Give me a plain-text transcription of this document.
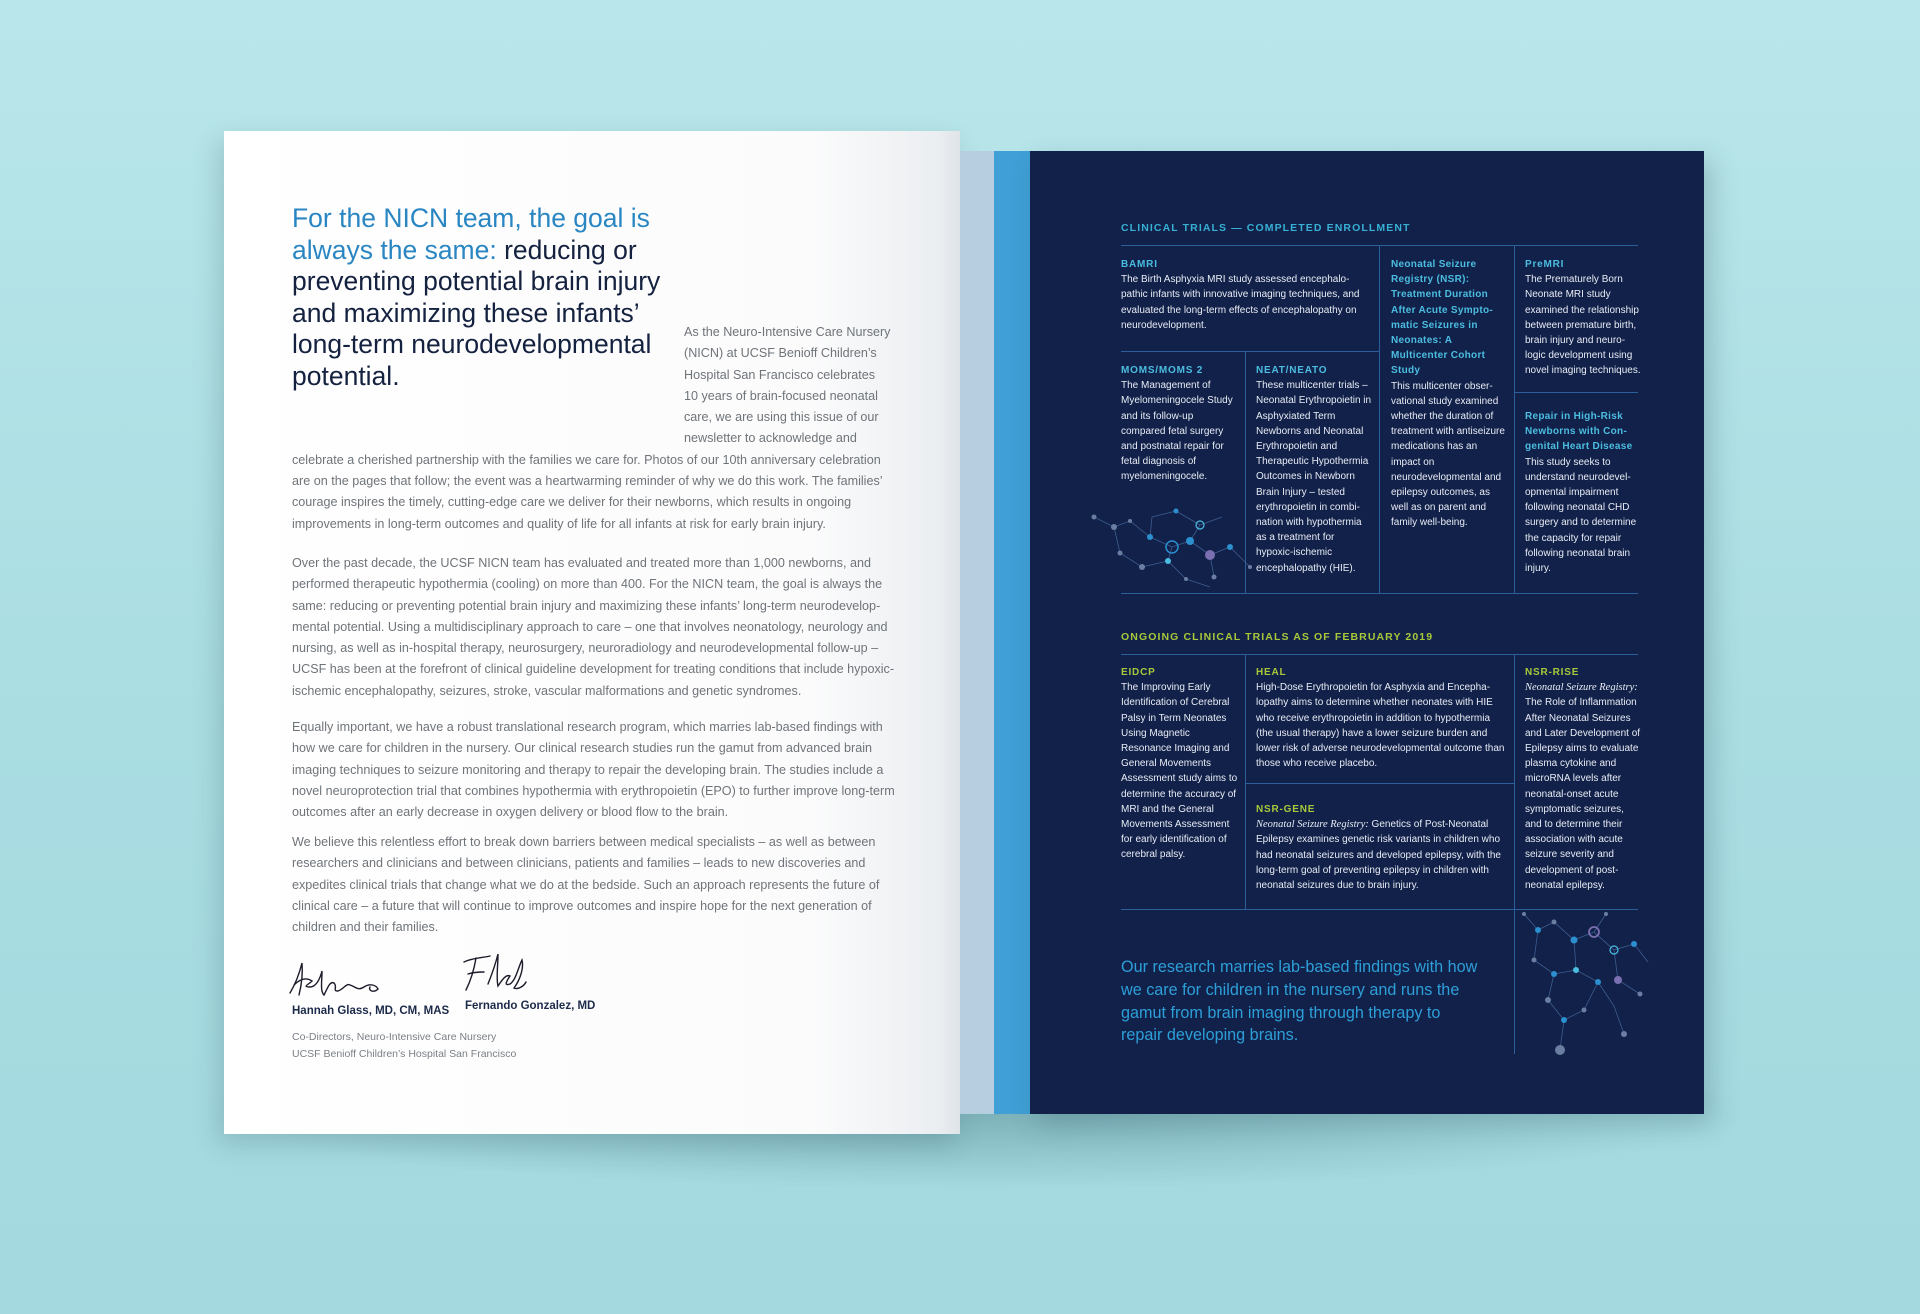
For the NICN team, the goal is always the same: reducing or preventing potential brain injury and maximizing these infants’ long-term neurodevelopmental potential.

As the Neuro-Intensive Care Nursery (NICN) at UCSF Benioff Children’s Hospital San Francisco celebrates 10 years of brain-focused neonatal care, we are using this issue of our newsletter to acknowledge and celebrate a cherished partnership with the families we care for. Photos of our 10th anniversary celebration are on the pages that follow; the event was a heartwarming reminder of why we do this work. The families’ courage inspires the timely, cutting-edge care we deliver for their newborns, which results in ongoing improvements in long-term outcomes and quality of life for all infants at risk for early brain injury.

Over the past decade, the UCSF NICN team has evaluated and treated more than 1,000 newborns, and performed therapeutic hypothermia (cooling) on more than 400. For the NICN team, the goal is always the same: reducing or preventing potential brain injury and maximizing these infants’ long-term neurodevelopmental potential. Using a multidisciplinary approach to care – one that involves neonatology, neurology and nursing, as well as in-hospital therapy, neurosurgery, neuroradiology and neurodevelopmental follow-up – UCSF has been at the forefront of clinical guideline development for treating conditions that include hypoxic-ischemic encephalopathy, seizures, stroke, vascular malformations and genetic syndromes.

Equally important, we have a robust translational research program, which marries lab-based findings with how we care for children in the nursery. Our clinical research studies run the gamut from advanced brain imaging techniques to seizure monitoring and therapy to repair the developing brain. The studies include a novel neuroprotection trial that combines hypothermia with erythropoietin (EPO) to further improve long-term outcomes after an early decrease in oxygen delivery or blood flow to the brain.

We believe this relentless effort to break down barriers between medical specialists – as well as between researchers and clinicians and between clinicians, patients and families – leads to new discoveries and expedites clinical trials that change what we do at the bedside. Such an approach represents the future of clinical care – a future that will continue to improve outcomes and inspire hope for the next generation of children and their families.

Hannah Glass, MD, CM, MAS Fernando Gonzalez, MD
Co-Directors, Neuro-Intensive Care Nursery
UCSF Benioff Children’s Hospital San Francisco
CLINICAL TRIALS — COMPLETED ENROLLMENT
BAMRI
The Birth Asphyxia MRI study assessed encephalopathic infants with innovative imaging techniques, and evaluated the long-term effects of encephalopathy on neurodevelopment.
MOMS/MOMS 2
The Management of Myelomeningocele Study and its follow-up compared fetal surgery and postnatal repair for fetal diagnosis of myelomeningocele.
NEAT/NEATO
These multicenter trials – Neonatal Erythropoietin in Asphyxiated Term Newborns and Neonatal Erythropoietin and Therapeutic Hypothermia Outcomes in Newborn Brain Injury – tested erythropoietin in combination with hypothermia as a treatment for hypoxic-ischemic encephalopathy (HIE).
Neonatal Seizure Registry (NSR): Treatment Duration After Acute Symptomatic Seizures in Neonates: A Multicenter Cohort Study
This multicenter observational study examined whether the duration of treatment with antiseizure medications has an impact on neurodevelopmental and epilepsy outcomes, as well as on parent and family well-being.
PreMRI
The Prematurely Born Neonate MRI study examined the relationship between premature birth, brain injury and neurologic development using novel imaging techniques.
Repair in High-Risk Newborns with Congenital Heart Disease
This study seeks to understand neurodevelopmental impairment following neonatal CHD surgery and to determine the capacity for repair following neonatal brain injury.
ONGOING CLINICAL TRIALS AS OF FEBRUARY 2019
EIDCP
The Improving Early Identification of Cerebral Palsy in Term Neonates Using Magnetic Resonance Imaging and General Movements Assessment study aims to determine the accuracy of MRI and the General Movements Assessment for early identification of cerebral palsy.
HEAL
High-Dose Erythropoietin for Asphyxia and Encephalopathy aims to determine whether neonates with HIE who receive erythropoietin in addition to hypothermia (the usual therapy) have a lower seizure burden and lower risk of adverse neurodevelopmental outcome than those who receive placebo.
NSR-GENE
Neonatal Seizure Registry: Genetics of Post-Neonatal Epilepsy examines genetic risk variants in children who had neonatal seizures and developed epilepsy, with the long-term goal of preventing epilepsy in children with neonatal seizures due to brain injury.
NSR-RISE
Neonatal Seizure Registry: The Role of Inflammation After Neonatal Seizures and Later Development of Epilepsy aims to evaluate plasma cytokine and microRNA levels after neonatal-onset acute symptomatic seizures, and to determine their association with acute seizure severity and development of postneonatal epilepsy.
Our research marries lab-based findings with how we care for children in the nursery and runs the gamut from brain imaging through therapy to repair developing brains.
